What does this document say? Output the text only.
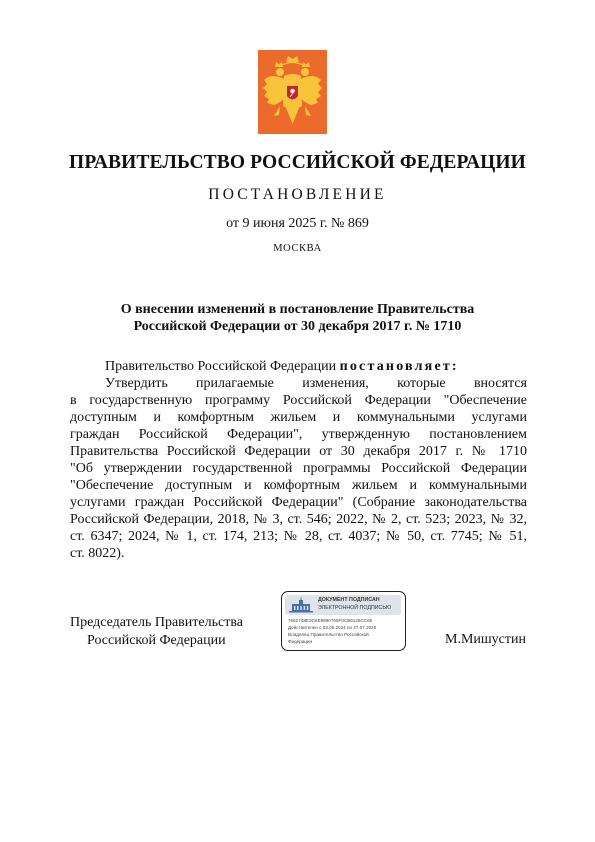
ПРАВИТЕЛЬСТВО РОССИЙСКОЙ ФЕДЕРАЦИИ
ПОСТАНОВЛЕНИЕ
от 9 июня 2025 г. № 869
МОСКВА
О внесении изменений в постановление Правительства
Российской Федерации от 30 декабря 2017 г. № 1710
Правительство Российской Федерации постановляет:
Утвердить прилагаемые изменения, которые вносятся
в государственную программу Российской Федерации "Обеспечение
доступным и комфортным жильем и коммунальными услугами
граждан Российской Федерации", утвержденную постановлением
Правительства Российской Федерации от 30 декабря 2017 г. № 1710
"Об утверждении государственной программы Российской Федерации
"Обеспечение доступным и комфортным жильем и коммунальными
услугами граждан Российской Федерации" (Собрание законодательства
Российской Федерации, 2018, № 3, ст. 546; 2022, № 2, ст. 523; 2023, № 32,
ст. 6347; 2024, № 1, ст. 174, 213; № 28, ст. 4037; № 50, ст. 7745; № 51,
ст. 8022).
Председатель Правительства
Российской Федерации
ДОКУМЕНТ ПОДПИСАН
ЭЛЕКТРОННОЙ ПОДПИСЬЮ
7662748ЕЗСКЕ8990765F0CB6125CC66
Действителен с 03.05.2024 по 27.07.2025
Владелец Правительство Российской
Федерации	М.Мишустин
